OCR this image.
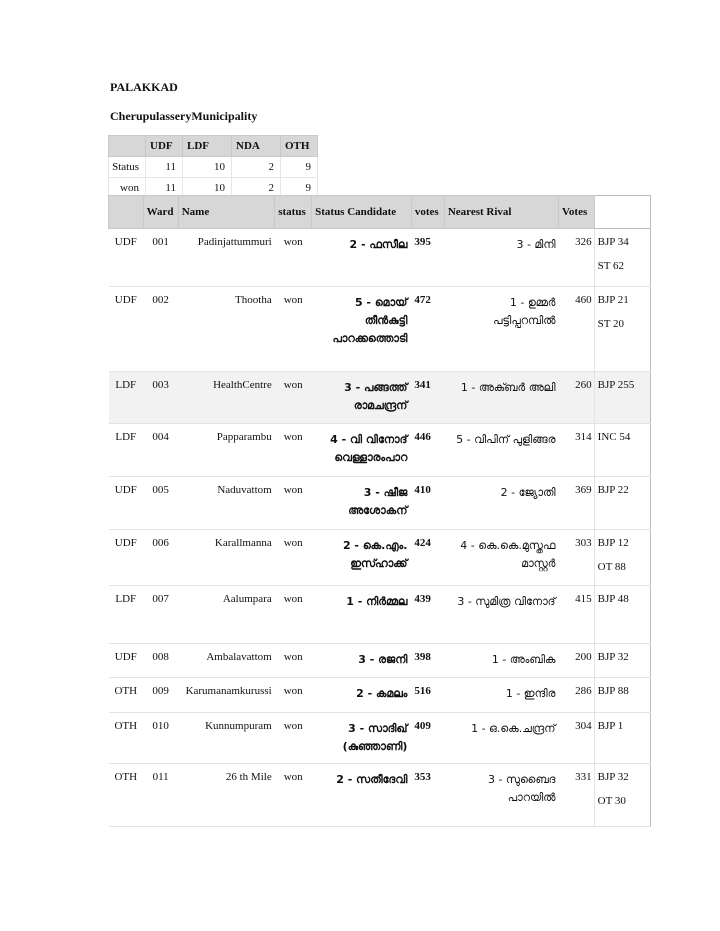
PALAKKAD
CherupulasseryMunicipality
	UDF	LDF	NDA	OTH
Status	11	10	2	9
won	11	10	2	9
	Ward	Name	status	Status Candidate	votes	Nearest Rival	Votes	
UDF	001	Padinjattummuri	won	2 - ഫസീല	395	3 - മിനി	326	BJP 34
ST 62

UDF	002	Thootha	won	5 - മൊയ് തീൻകുട്ടി പാറക്കത്തൊടി	472	1 - ഉമ്മർ പട്ടിപ്പറമ്പിൽ	460	BJP 21
ST 20

LDF	003	HealthCentre	won	3 - പങ്ങത്ത് രാമചന്ദ്രന്	341	1 - അക്ബർ അലി	260	BJP 255

LDF	004	Papparambu	won	4 - വി വിനോദ് വെള്ളാരംപാറ	446	5 - വിപിന് പുളിങ്ങര	314	INC 54

UDF	005	Naduvattom	won	3 - ഷീജ അശോകന്	410	2 - ജ്യോതി	369	BJP 22

UDF	006	Karallmanna	won	2 - കെ.എം. ഇസ്ഹാക്ക്	424	4 - കെ.കെ.മുസ്തഫ മാസ്റ്റർ	303	BJP 12
OT 88

LDF	007	Aalumpara	won	1 - നിർമ്മല	439	3 - സുമിത്ര വിനോദ്	415	BJP 48

UDF	008	Ambalavattom	won	3 - രജനി	398	1 - അംബിക	200	BJP 32

OTH	009	Karumanamkurussi	won	2 - കമലം	516	1 - ഇന്ദിര	286	BJP 88

OTH	010	Kunnumpuram	won	3 - സാദിഖ് (കുഞ്ഞാണി)	409	1 - ഒ.കെ.ചന്ദ്രന്	304	BJP 1

OTH	011	26 th Mile	won	2 - സതീദേവി	353	3 - സുബൈദ പാറയിൽ	331	BJP 32
OT 30
